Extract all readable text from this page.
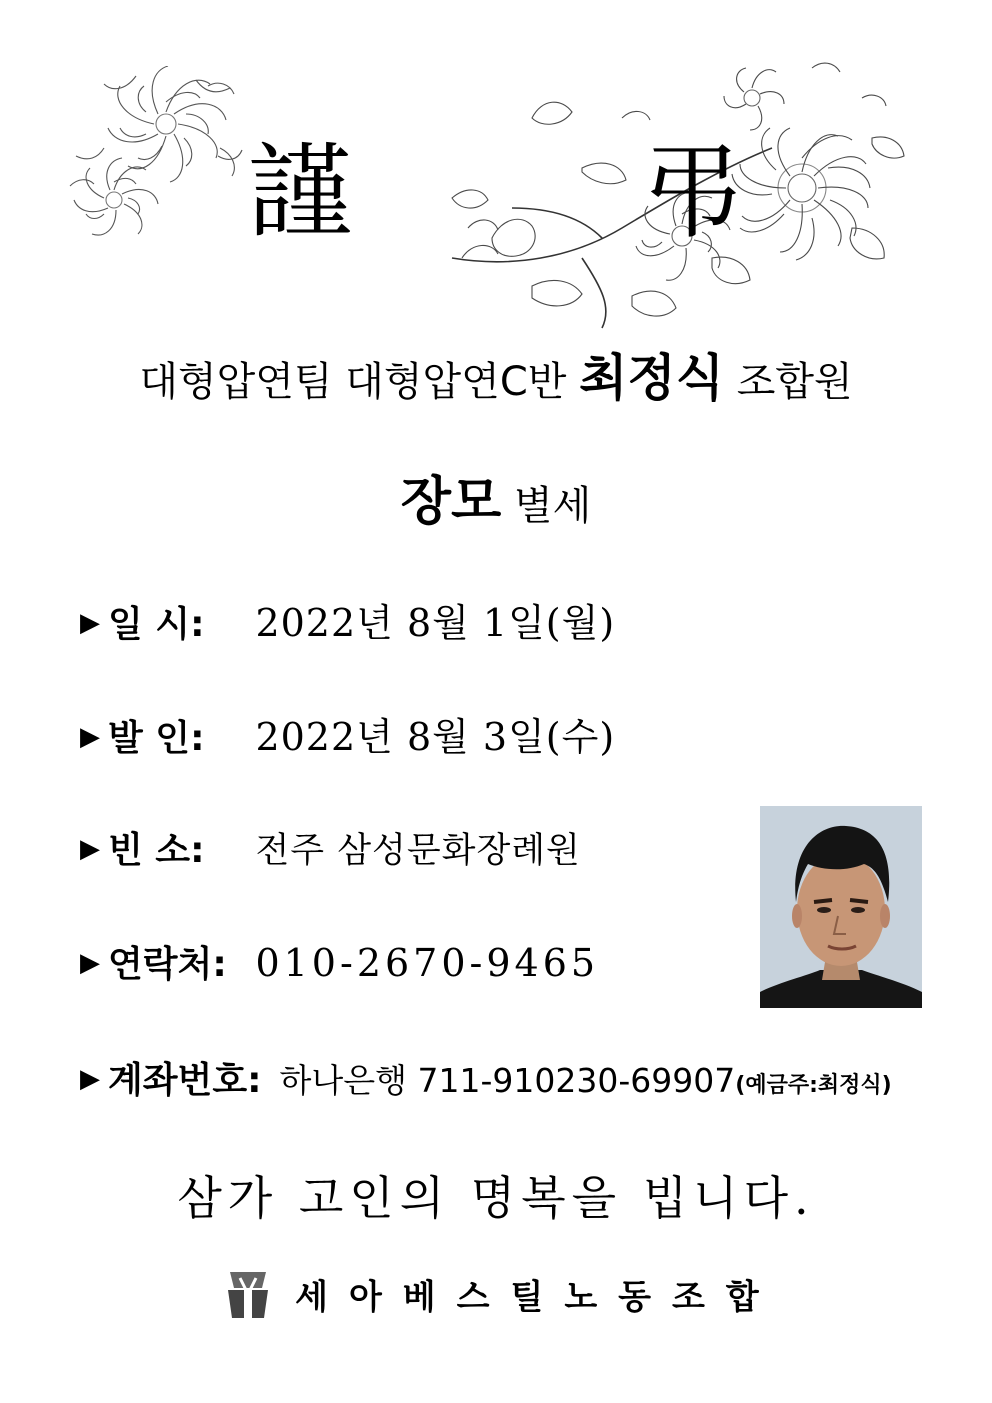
謹 弔
대형압연팀 대형압연C반 최정식 조합원
장모 별세
▶ 일 시: 2022년 8월 1일(월)
▶ 발 인: 2022년 8월 3일(수)
▶ 빈 소: 전주 삼성문화장례원
▶ 연락처: 010-2670-9465
▶ 계좌번호: 하나은행 711-910230-69907(예금주:최정식)
삼가 고인의 명복을 빕니다.
세아베스틸노동조합
